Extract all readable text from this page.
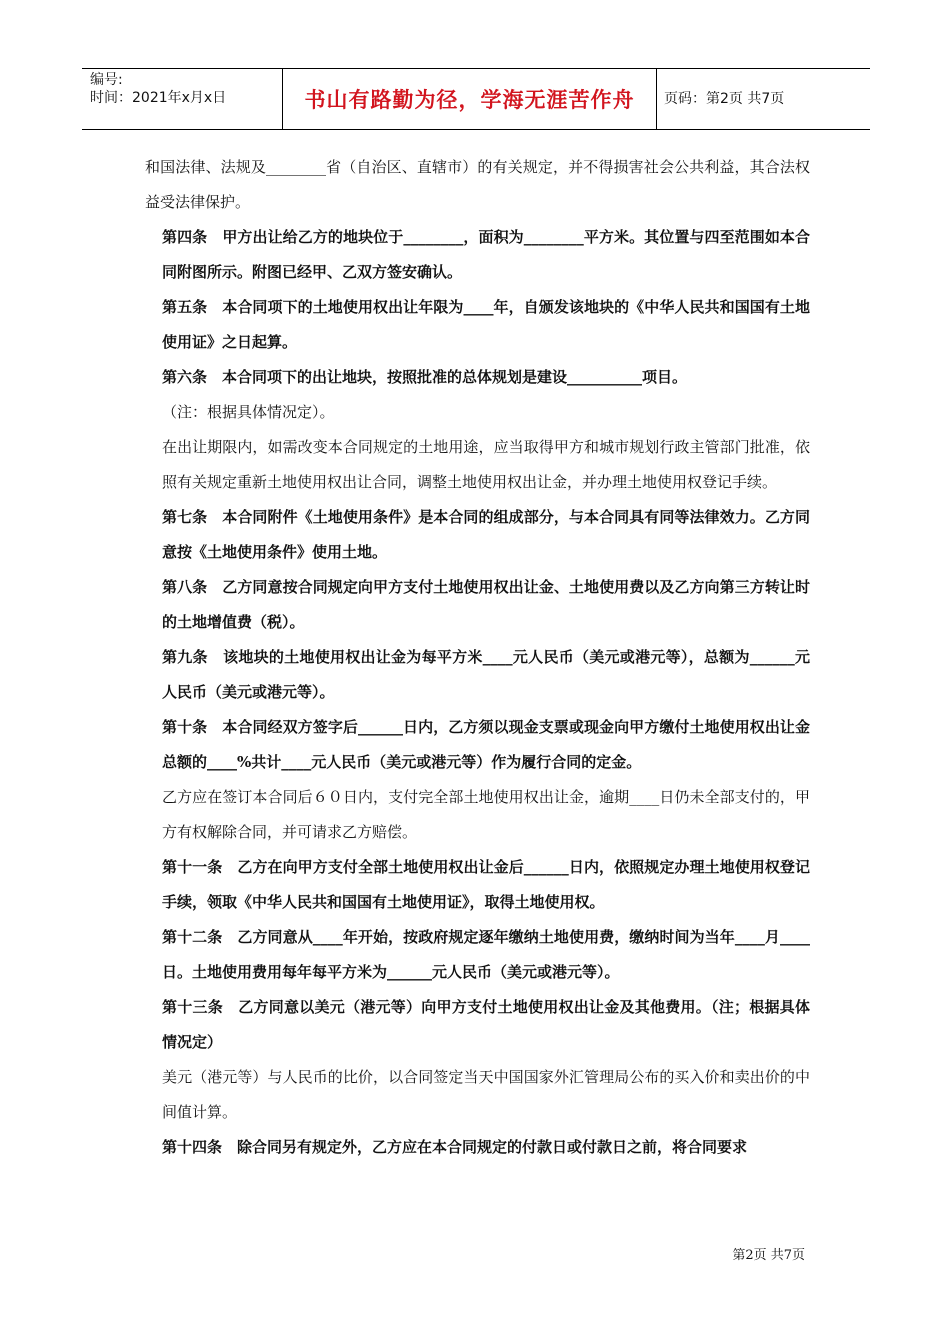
编号:
时间：2021年x月x日	书山有路勤为径，学海无涯苦作舟 页码：第2页 共7页

和国法律、法规及________省（自治区、直辖市）的有关规定，并不得损害社会公共利益，其合法权益受法律保护。

第四条　甲方出让给乙方的地块位于________，面积为________平方米。其位置与四至范围如本合同附图所示。附图已经甲、乙双方签安确认。

第五条　本合同项下的土地使用权出让年限为____年，自颁发该地块的《中华人民共和国国有土地使用证》之日起算。

第六条　本合同项下的出让地块，按照批准的总体规划是建设__________项目。

（注：根据具体情况定）。

在出让期限内，如需改变本合同规定的土地用途，应当取得甲方和城市规划行政主管部门批准，依照有关规定重新土地使用权出让合同，调整土地使用权出让金，并办理土地使用权登记手续。

第七条　本合同附件《土地使用条件》是本合同的组成部分，与本合同具有同等法律效力。乙方同意按《土地使用条件》使用土地。

第八条　乙方同意按合同规定向甲方支付土地使用权出让金、土地使用费以及乙方向第三方转让时的土地增值费（税）。

第九条　该地块的土地使用权出让金为每平方米____元人民币（美元或港元等），总额为______元人民币（美元或港元等）。

第十条　本合同经双方签字后______日内，乙方须以现金支票或现金向甲方缴付土地使用权出让金总额的____%共计____元人民币（美元或港元等）作为履行合同的定金。

乙方应在签订本合同后６０日内，支付完全部土地使用权出让金，逾期____日仍未全部支付的，甲方有权解除合同，并可请求乙方赔偿。

第十一条　乙方在向甲方支付全部土地使用权出让金后______日内，依照规定办理土地使用权登记手续，领取《中华人民共和国国有土地使用证》，取得土地使用权。

第十二条　乙方同意从____年开始，按政府规定逐年缴纳土地使用费，缴纳时间为当年____月____日。土地使用费用每年每平方米为______元人民币（美元或港元等）。

第十三条　乙方同意以美元（港元等）向甲方支付土地使用权出让金及其他费用。（注；根据具体情况定）

美元（港元等）与人民币的比价，以合同签定当天中国国家外汇管理局公布的买入价和卖出价的中间值计算。

第十四条　除合同另有规定外，乙方应在本合同规定的付款日或付款日之前，将合同要求

第2页 共7页
